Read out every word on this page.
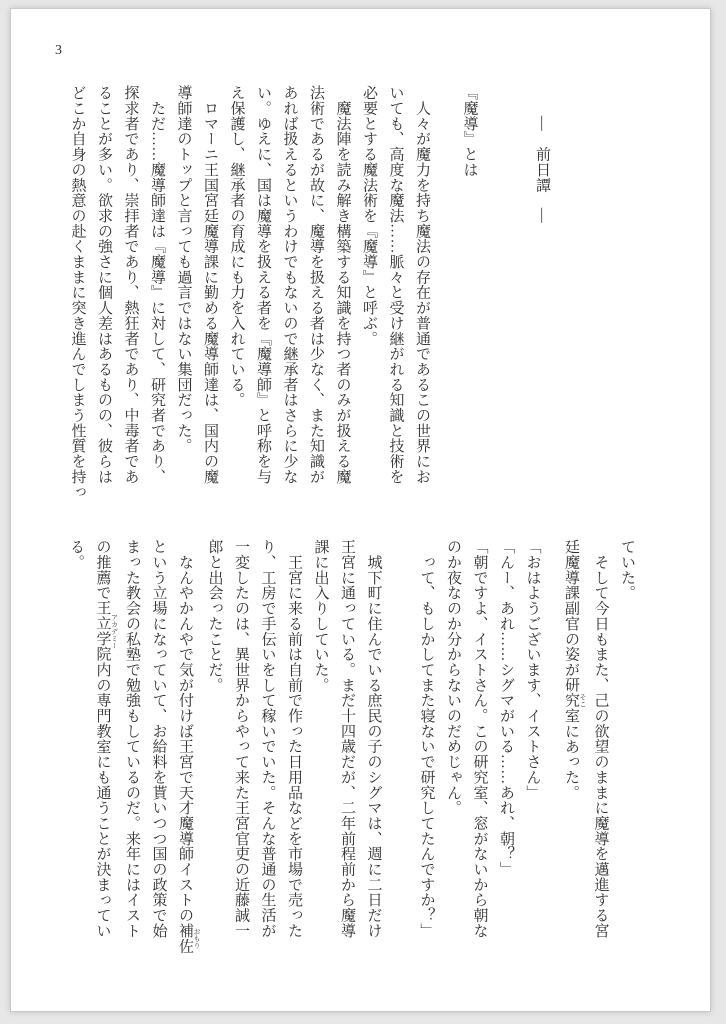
3

　　―　前日譚　―

『魔導』とは

　人々が魔力を持ち魔法の存在が普通であるこの世界にお

いても、高度な魔法……脈々と受け継がれる知識と技術を

必要とする魔法術を『魔導』と呼ぶ。

　魔法陣を読み解き構築する知識を持つ者のみが扱える魔

法術であるが故に、魔導を扱える者は少なく、また知識が

あれば扱えるというわけでもないので継承者はさらに少な

い。ゆえに、国は魔導を扱える者を『魔導師』と呼称を与

え保護し、継承者の育成にも力を入れている。

　ロマーニ王国宮廷魔導課に勤める魔導師達は、国内の魔

導師達のトップと言っても過言ではない集団だった。

　ただ……魔導師達は『魔導』に対して、研究者であり、

探求者であり、崇拝者であり、熱狂者であり、中毒者であ

ることが多い。欲求の強さに個人差はあるものの、彼らは

どこか自身の熱意の赴くままに突き進んでしまう性質を持っ

ていた。

　そして今日もまた、己の欲望のままに魔導を邁進する宮

廷魔導課副官の姿が研究室 そこにあった。

「おはようございます、イストさん」

「んー、あれ……シグマがいる……あれ、朝？」

「朝ですよ、イストさん。この研究室、窓がないから朝な

のか夜なのか分からないのだめじゃん。

　って、もしかしてまた寝ないで研究してたんですか？」

　城下町に住んでいる庶民の子のシグマは、週に二日だけ

王宮に通っている。まだ十四歳だが、二年前程前から魔導

課に出入りしていた。

　王宮に来る前は自前で作った日用品などを市場で売った

り、工房で手伝いをして稼いでいた。そんな普通の生活が

一変したのは、異世界からやって来た王宮官吏の近藤誠一

郎と出会ったことだ。

　なんやかんやで気が付けば王宮で天才魔導師イストの補佐 おもり

という立場になっていて、お給料を貰いつつ国の政策で始

まった教会の私塾で勉強もしているのだ。来年にはイスト

の推薦で王立学院 アカデミー内の専門教室にも通うことが決まってい

る。
